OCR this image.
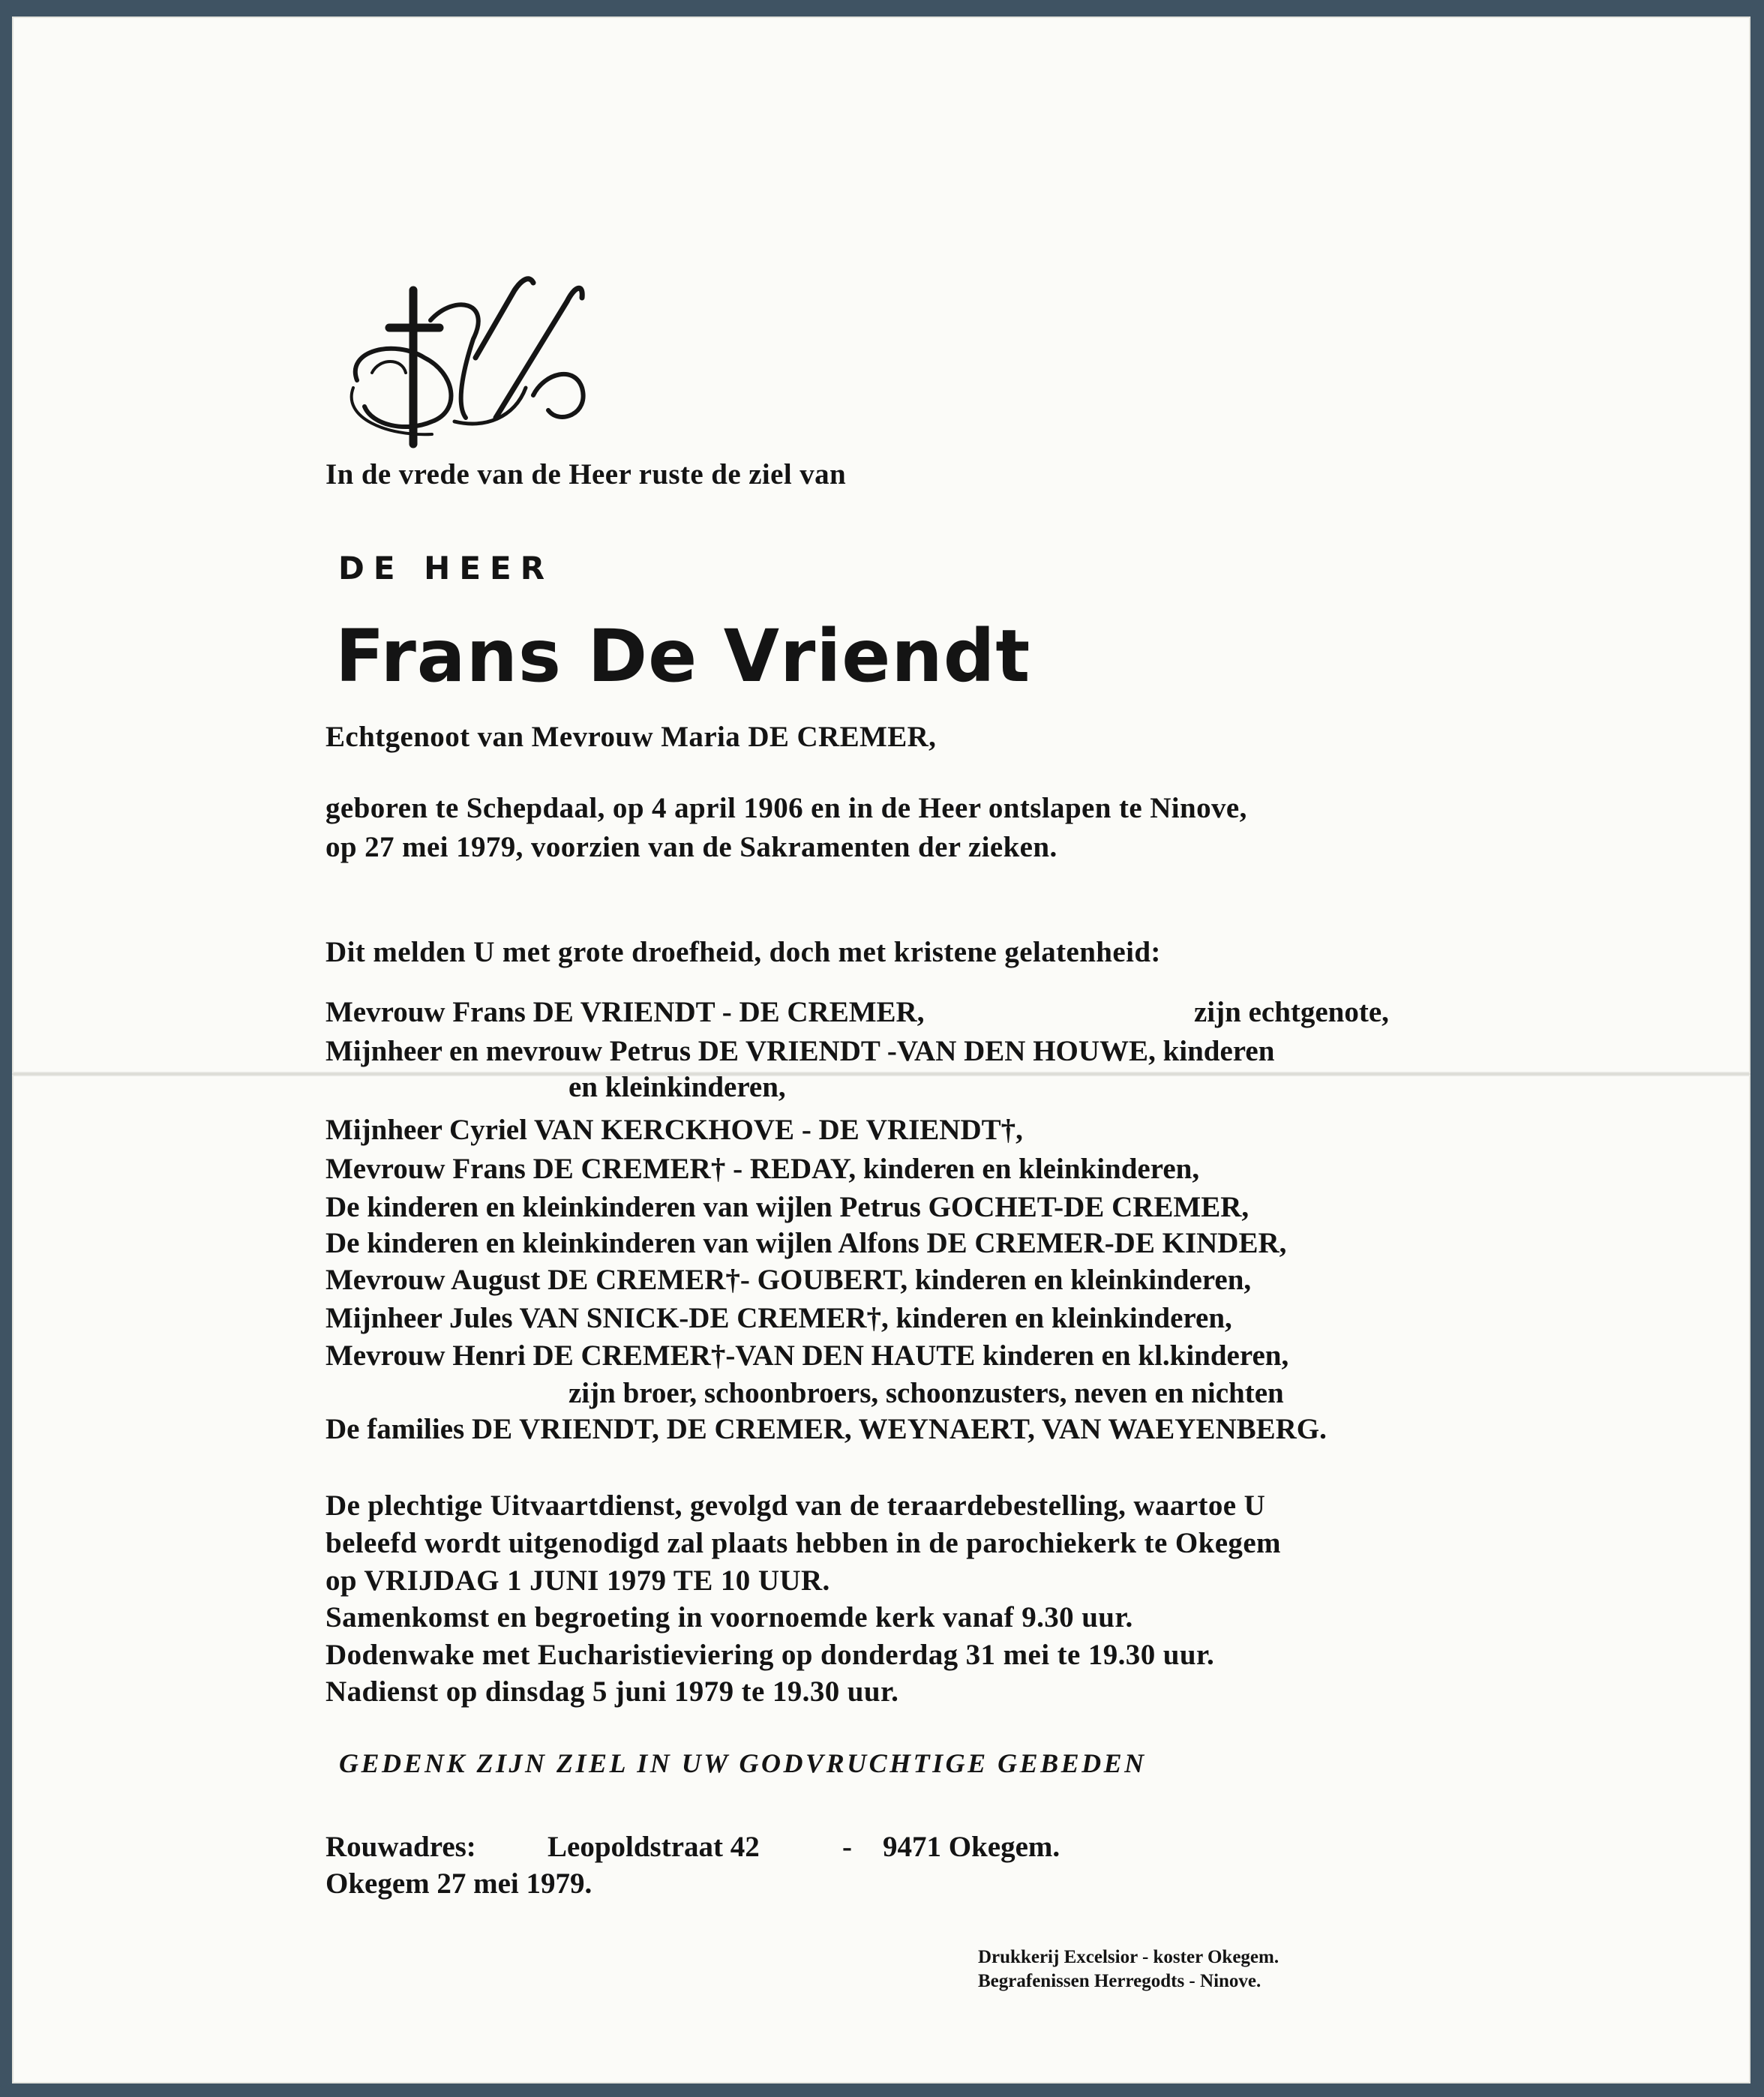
In de vrede van de Heer ruste de ziel van
DE HEER
Frans De Vriendt
Echtgenoot van Mevrouw Maria DE CREMER,
geboren te Schepdaal, op 4 april 1906 en in de Heer ontslapen te Ninove,
op 27 mei 1979, voorzien van de Sakramenten der zieken.
Dit melden U met grote droefheid, doch met kristene gelatenheid:
Mevrouw Frans DE VRIENDT - DE CREMER,	zijn echtgenote,
Mijnheer en mevrouw Petrus DE VRIENDT -VAN DEN HOUWE, kinderen
en kleinkinderen,
Mijnheer Cyriel VAN KERCKHOVE - DE VRIENDT†,
Mevrouw Frans DE CREMER† - REDAY, kinderen en kleinkinderen,
De kinderen en kleinkinderen van wijlen Petrus GOCHET-DE CREMER,
De kinderen en kleinkinderen van wijlen Alfons DE CREMER-DE KINDER,
Mevrouw August DE CREMER†- GOUBERT, kinderen en kleinkinderen,
Mijnheer Jules VAN SNICK-DE CREMER†, kinderen en kleinkinderen,
Mevrouw Henri DE CREMER†-VAN DEN HAUTE kinderen en kl.kinderen,
zijn broer, schoonbroers, schoonzusters, neven en nichten
De families DE VRIENDT, DE CREMER, WEYNAERT, VAN WAEYENBERG.
De plechtige Uitvaartdienst, gevolgd van de teraardebestelling, waartoe U
beleefd wordt uitgenodigd zal plaats hebben in de parochiekerk te Okegem
op VRIJDAG 1 JUNI 1979 TE 10 UUR.
Samenkomst en begroeting in voornoemde kerk vanaf 9.30 uur.
Dodenwake met Eucharistieviering op donderdag 31 mei te 19.30 uur.
Nadienst op dinsdag 5 juni 1979 te 19.30 uur.
GEDENK ZIJN ZIEL IN UW GODVRUCHTIGE GEBEDEN
Rouwadres: Leopoldstraat 42	- 9471 Okegem.
Okegem 27 mei 1979.
Drukkerij Excelsior - koster Okegem.
Begrafenissen Herregodts - Ninove.
